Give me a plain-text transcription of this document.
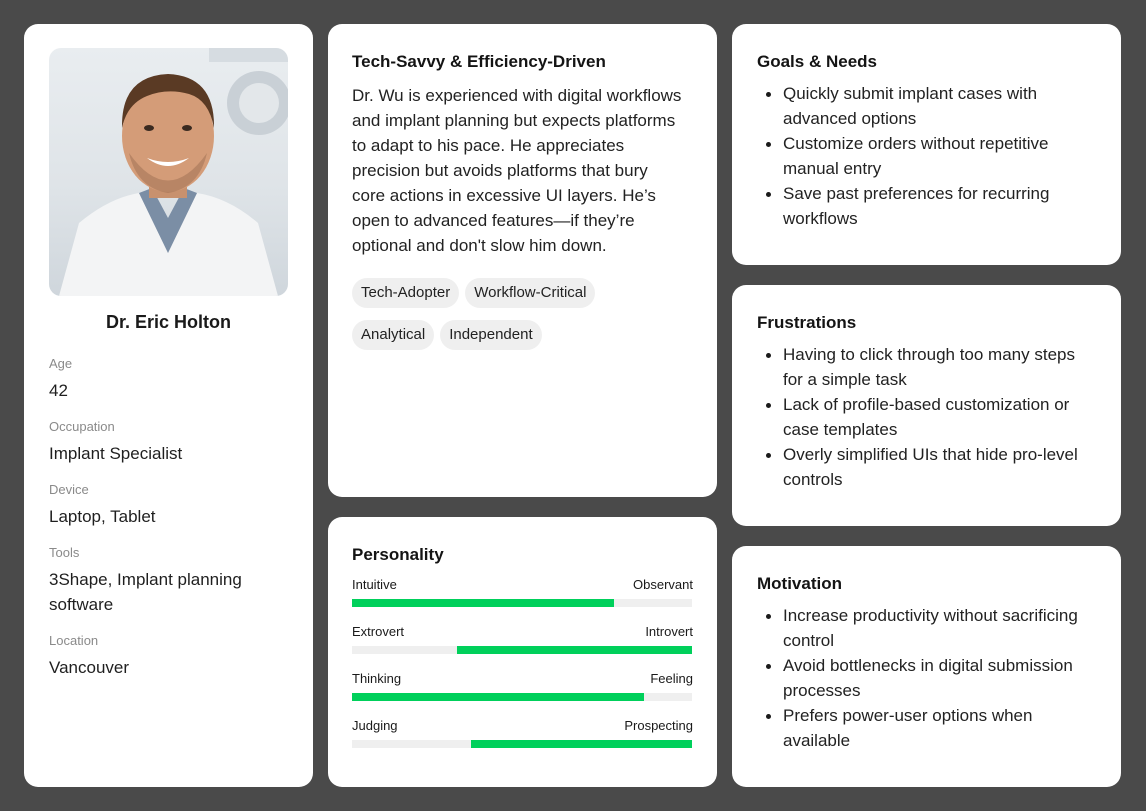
Dr. Eric Holton
Age
42
Occupation
Implant Specialist
Device
Laptop, Tablet
Tools
3Shape, Implant planning software
Location
Vancouver
Tech-Savvy & Efficiency-Driven

Dr. Wu is experienced with digital workflows and implant planning but expects platforms to adapt to his pace. He appreciates precision but avoids platforms that bury core actions in excessive UI layers. He’s open to advanced features—if they’re optional and don't slow him down.

Tech-Adopter	Workflow-Critical
Analytical	Independent
Personality
Intuitive	Observant
Extrovert	Introvert
Thinking	Feeling
Judging	Prospecting
Goals & Needs
Quickly submit implant cases with advanced options
Customize orders without repetitive manual entry
Save past preferences for recurring workflows
Frustrations
Having to click through too many steps for a simple task
Lack of profile-based customization or case templates
Overly simplified UIs that hide pro-level controls
Motivation
Increase productivity without sacrificing control
Avoid bottlenecks in digital submission processes
Prefers power-user options when available
